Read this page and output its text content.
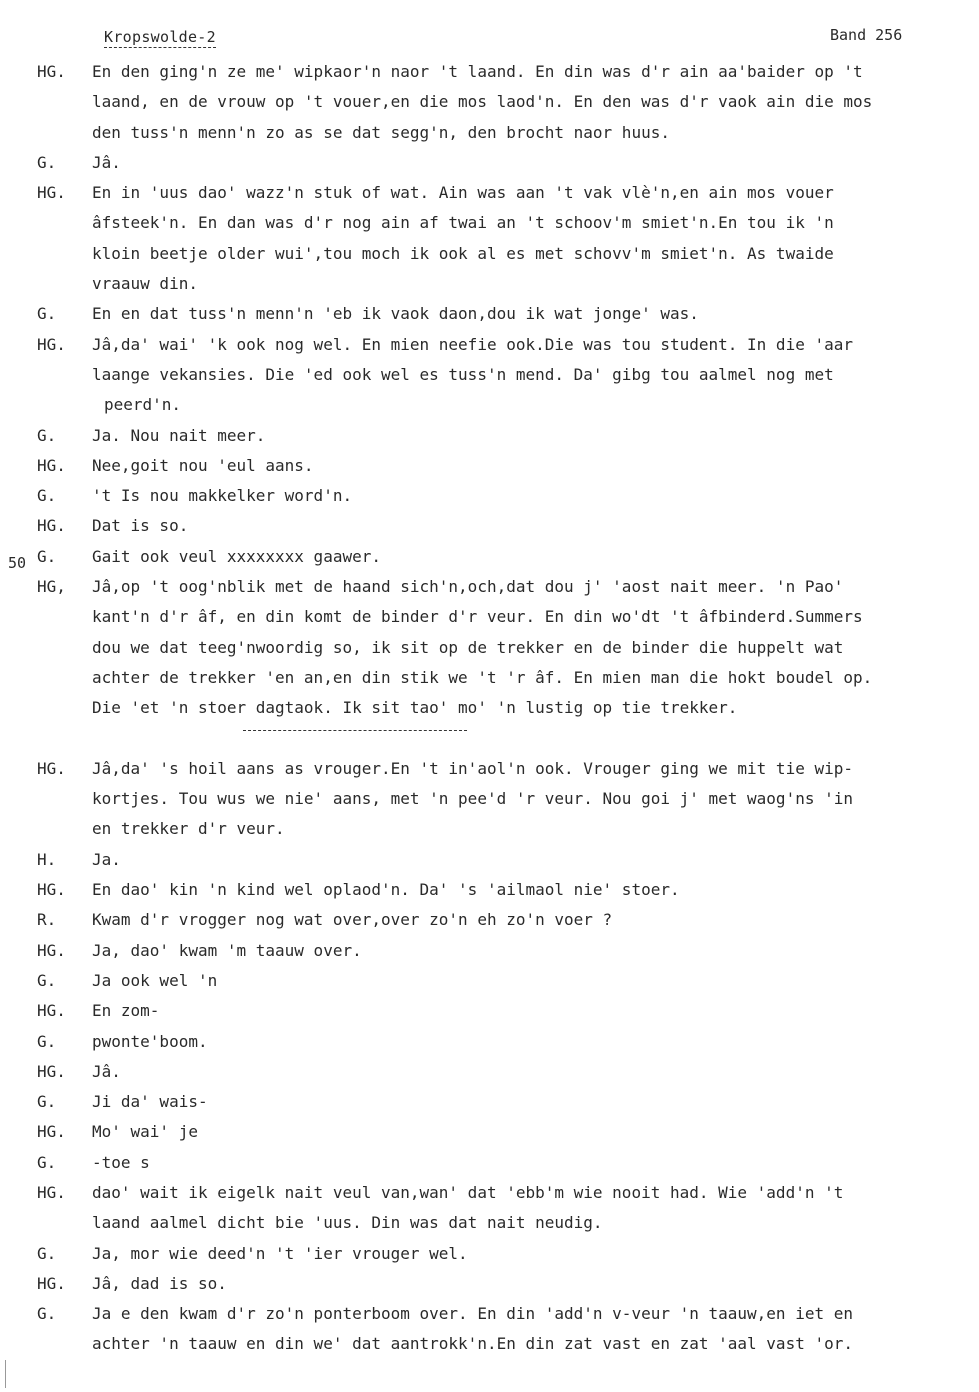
Kropswolde-2	Band 256
50
HG. En den ging'n ze me' wipkaor'n naor 't laand. En din was d'r ain aa'baider op 't
laand, en de vrouw op 't vouer,en die mos laod'n. En den was d'r vaok ain die mos
den tuss'n menn'n zo as se dat segg'n, den brocht naor huus.
G. Jâ.
HG. En in 'uus dao' wazz'n stuk of wat. Ain was aan 't vak vlè'n,en ain mos vouer
âfsteek'n. En dan was d'r nog ain af twai an 't schoov'm smiet'n.En tou ik 'n
kloin beetje older wui',tou moch ik ook al es met schovv'm smiet'n. As twaide
vraauw din.
G. En en dat tuss'n menn'n 'eb ik vaok daon,dou ik wat jonge' was.
HG. Jâ,da' wai' 'k ook nog wel. En mien neefie ook.Die was tou student. In die 'aar
laange vekansies. Die 'ed ook wel es tuss'n mend. Da' gibg tou aalmel nog met
peerd'n.
G. Ja. Nou nait meer.
HG. Nee,goit nou 'eul aans.
G. 't Is nou makkelker word'n.
HG. Dat is so.
G. Gait ook veul xxxxxxxx gaawer.
HG, Jâ,op 't oog'nblik met de haand sich'n,och,dat dou j' 'aost nait meer. 'n Pao'
kant'n d'r âf, en din komt de binder d'r veur. En din wo'dt 't âfbinderd.Summers
dou we dat teeg'nwoordig so, ik sit op de trekker en de binder die huppelt wat
achter de trekker 'en an,en din stik we 't 'r âf. En mien man die hokt boudel op.
Die 'et 'n stoer dagtaok. Ik sit tao' mo' 'n lustig op tie trekker.
HG. Jâ,da' 's hoil aans as vrouger.En 't in'aol'n ook. Vrouger ging we mit tie wip-
kortjes. Tou wus we nie' aans, met 'n pee'd 'r veur. Nou goi j' met waog'ns 'in
en trekker d'r veur.
H. Ja.
HG. En dao' kin 'n kind wel oplaod'n. Da' 's 'ailmaol nie' stoer.
R. Kwam d'r vrogger nog wat over,over zo'n eh zo'n voer ?
HG. Ja, dao' kwam 'm taauw over.
G. Ja ook wel 'n
HG. En zom-
G. pwonte'boom.
HG. Jâ.
G. Ji da' wais-
HG. Mo' wai' je
G. -toe s
HG. dao' wait ik eigelk nait veul van,wan' dat 'ebb'm wie nooit had. Wie 'add'n 't
laand aalmel dicht bie 'uus. Din was dat nait neudig.
G. Ja, mor wie deed'n 't 'ier vrouger wel.
HG. Jâ, dad is so.
G. Ja e den kwam d'r zo'n ponterboom over. En din 'add'n v-veur 'n taauw,en iet en
achter 'n taauw en din we' dat aantrokk'n.En din zat vast en zat 'aal vast 'or.
